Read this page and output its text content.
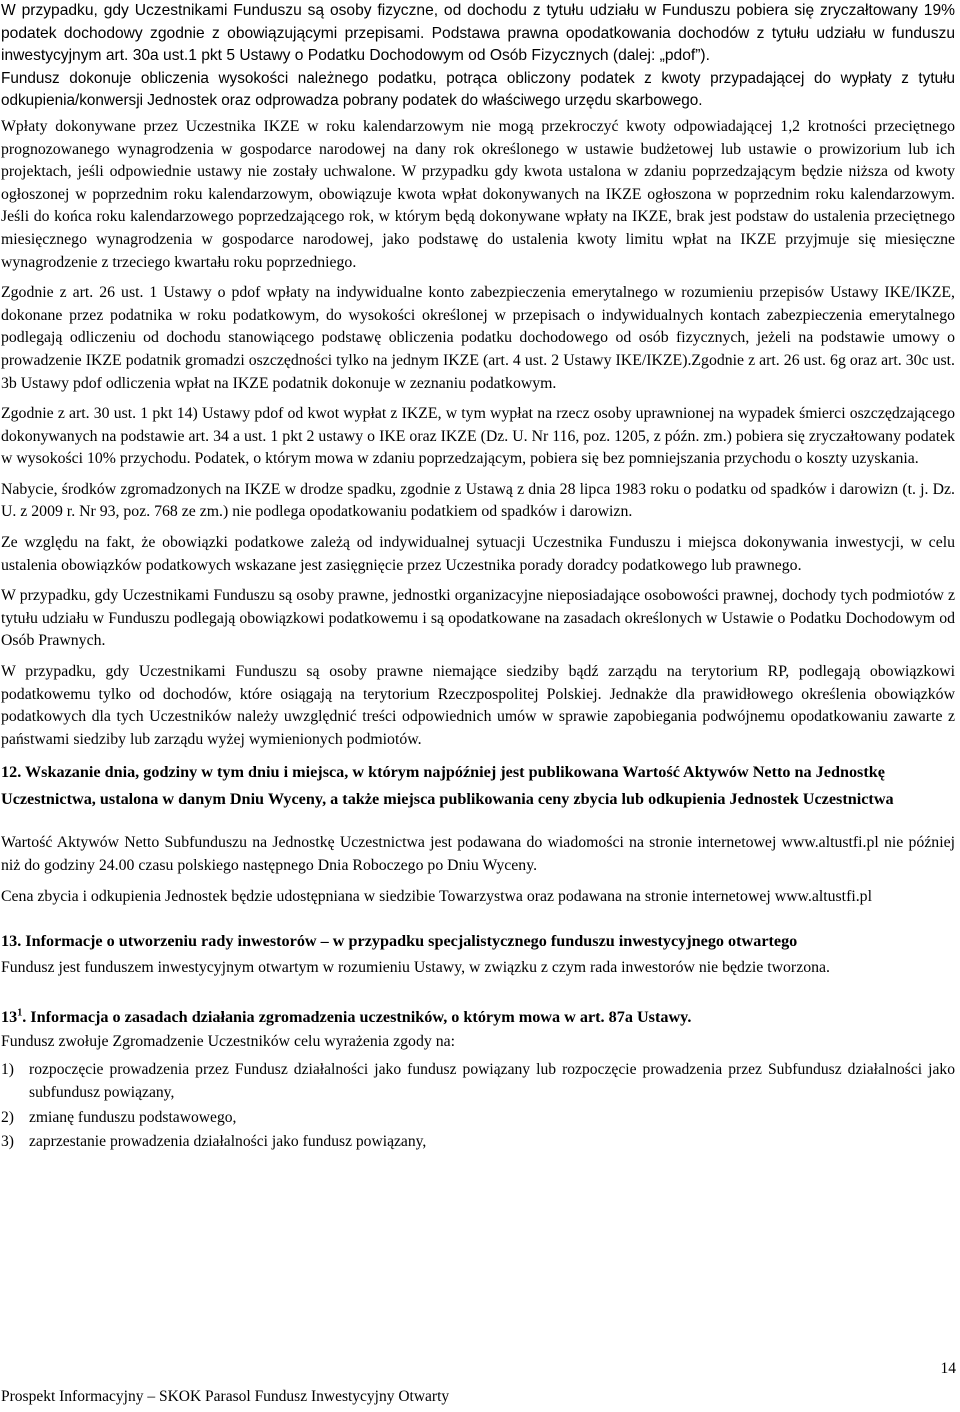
W przypadku, gdy Uczestnikami Funduszu są osoby fizyczne, od dochodu z tytułu udziału w Funduszu pobiera się zryczałtowany 19% podatek dochodowy zgodnie z obowiązującymi przepisami. Podstawa prawna opodatkowania dochodów z tytułu udziału w funduszu inwestycyjnym art. 30a ust.1 pkt 5 Ustawy o Podatku Dochodowym od Osób Fizycznych (dalej: „pdof”).

Fundusz dokonuje obliczenia wysokości należnego podatku, potrąca obliczony podatek z kwoty przypadającej do wypłaty z tytułu odkupienia/konwersji Jednostek oraz odprowadza pobrany podatek do właściwego urzędu skarbowego.

Wpłaty dokonywane przez Uczestnika IKZE w roku kalendarzowym nie mogą przekroczyć kwoty odpowiadającej 1,2 krotności przeciętnego prognozowanego wynagrodzenia w gospodarce narodowej na dany rok określonego w ustawie budżetowej lub ustawie o prowizorium lub ich projektach, jeśli odpowiednie ustawy nie zostały uchwalone. W przypadku gdy kwota ustalona w zdaniu poprzedzającym będzie niższa od kwoty ogłoszonej w poprzednim roku kalendarzowym, obowiązuje kwota wpłat dokonywanych na IKZE ogłoszona w poprzednim roku kalendarzowym. Jeśli do końca roku kalendarzowego poprzedzającego rok, w którym będą dokonywane wpłaty na IKZE, brak jest podstaw do ustalenia przeciętnego miesięcznego wynagrodzenia w gospodarce narodowej, jako podstawę do ustalenia kwoty limitu wpłat na IKZE przyjmuje się miesięczne wynagrodzenie z trzeciego kwartału roku poprzedniego.

Zgodnie z art. 26 ust. 1 Ustawy o pdof wpłaty na indywidualne konto zabezpieczenia emerytalnego w rozumieniu przepisów Ustawy IKE/IKZE, dokonane przez podatnika w roku podatkowym, do wysokości określonej w przepisach o indywidualnych kontach zabezpieczenia emerytalnego podlegają odliczeniu od dochodu stanowiącego podstawę obliczenia podatku dochodowego od osób fizycznych, jeżeli na podstawie umowy o prowadzenie IKZE podatnik gromadzi oszczędności tylko na jednym IKZE (art. 4 ust. 2 Ustawy IKE/IKZE).Zgodnie z art. 26 ust. 6g oraz art. 30c ust. 3b Ustawy pdof odliczenia wpłat na IKZE podatnik dokonuje w zeznaniu podatkowym.

Zgodnie z art. 30 ust. 1 pkt 14) Ustawy pdof od kwot wypłat z IKZE, w tym wypłat na rzecz osoby uprawnionej na wypadek śmierci oszczędzającego dokonywanych na podstawie art. 34 a ust. 1 pkt 2 ustawy o IKE oraz IKZE (Dz. U. Nr 116, poz. 1205, z późn. zm.) pobiera się zryczałtowany podatek w wysokości 10% przychodu. Podatek, o którym mowa w zdaniu poprzedzającym, pobiera się bez pomniejszania przychodu o koszty uzyskania.

Nabycie, środków zgromadzonych na IKZE w drodze spadku, zgodnie z Ustawą z dnia 28 lipca 1983 roku o podatku od spadków i darowizn (t. j. Dz. U. z 2009 r. Nr 93, poz. 768 ze zm.) nie podlega opodatkowaniu podatkiem od spadków i darowizn.

Ze względu na fakt, że obowiązki podatkowe zależą od indywidualnej sytuacji Uczestnika Funduszu i miejsca dokonywania inwestycji, w celu ustalenia obowiązków podatkowych wskazane jest zasięgnięcie przez Uczestnika porady doradcy podatkowego lub prawnego.

W przypadku, gdy Uczestnikami Funduszu są osoby prawne, jednostki organizacyjne nieposiadające osobowości prawnej, dochody tych podmiotów z tytułu udziału w Funduszu podlegają obowiązkowi podatkowemu i są opodatkowane na zasadach określonych w Ustawie o Podatku Dochodowym od Osób Prawnych.

W przypadku, gdy Uczestnikami Funduszu są osoby prawne niemające siedziby bądź zarządu na terytorium RP, podlegają obowiązkowi podatkowemu tylko od dochodów, które osiągają na terytorium Rzeczpospolitej Polskiej. Jednakże dla prawidłowego określenia obowiązków podatkowych dla tych Uczestników należy uwzględnić treści odpowiednich umów w sprawie zapobiegania podwójnemu opodatkowaniu zawarte z państwami siedziby lub zarządu wyżej wymienionych podmiotów.

12. Wskazanie dnia, godziny w tym dniu i miejsca, w którym najpóźniej jest publikowana Wartość Aktywów Netto na Jednostkę Uczestnictwa, ustalona w danym Dniu Wyceny, a także miejsca publikowania ceny zbycia lub odkupienia Jednostek Uczestnictwa

Wartość Aktywów Netto Subfunduszu na Jednostkę Uczestnictwa jest podawana do wiadomości na stronie internetowej www.altustfi.pl nie później niż do godziny 24.00 czasu polskiego następnego Dnia Roboczego po Dniu Wyceny.

Cena zbycia i odkupienia Jednostek będzie udostępniana w siedzibie Towarzystwa oraz podawana na stronie internetowej www.altustfi.pl

13. Informacje o utworzeniu rady inwestorów – w przypadku specjalistycznego funduszu inwestycyjnego otwartego

Fundusz jest funduszem inwestycyjnym otwartym w rozumieniu Ustawy, w związku z czym rada inwestorów nie będzie tworzona.

$13^1$. Informacja o zasadach działania zgromadzenia uczestników, o którym mowa w art. 87a Ustawy.

Fundusz zwołuje Zgromadzenie Uczestników celu wyrażenia zgody na:

1) rozpoczęcie prowadzenia przez Fundusz działalności jako fundusz powiązany lub rozpoczęcie prowadzenia przez Subfundusz działalności jako subfundusz powiązany,
2) zmianę funduszu podstawowego,
3) zaprzestanie prowadzenia działalności jako fundusz powiązany,
14
Prospekt Informacyjny – SKOK Parasol Fundusz Inwestycyjny Otwarty
